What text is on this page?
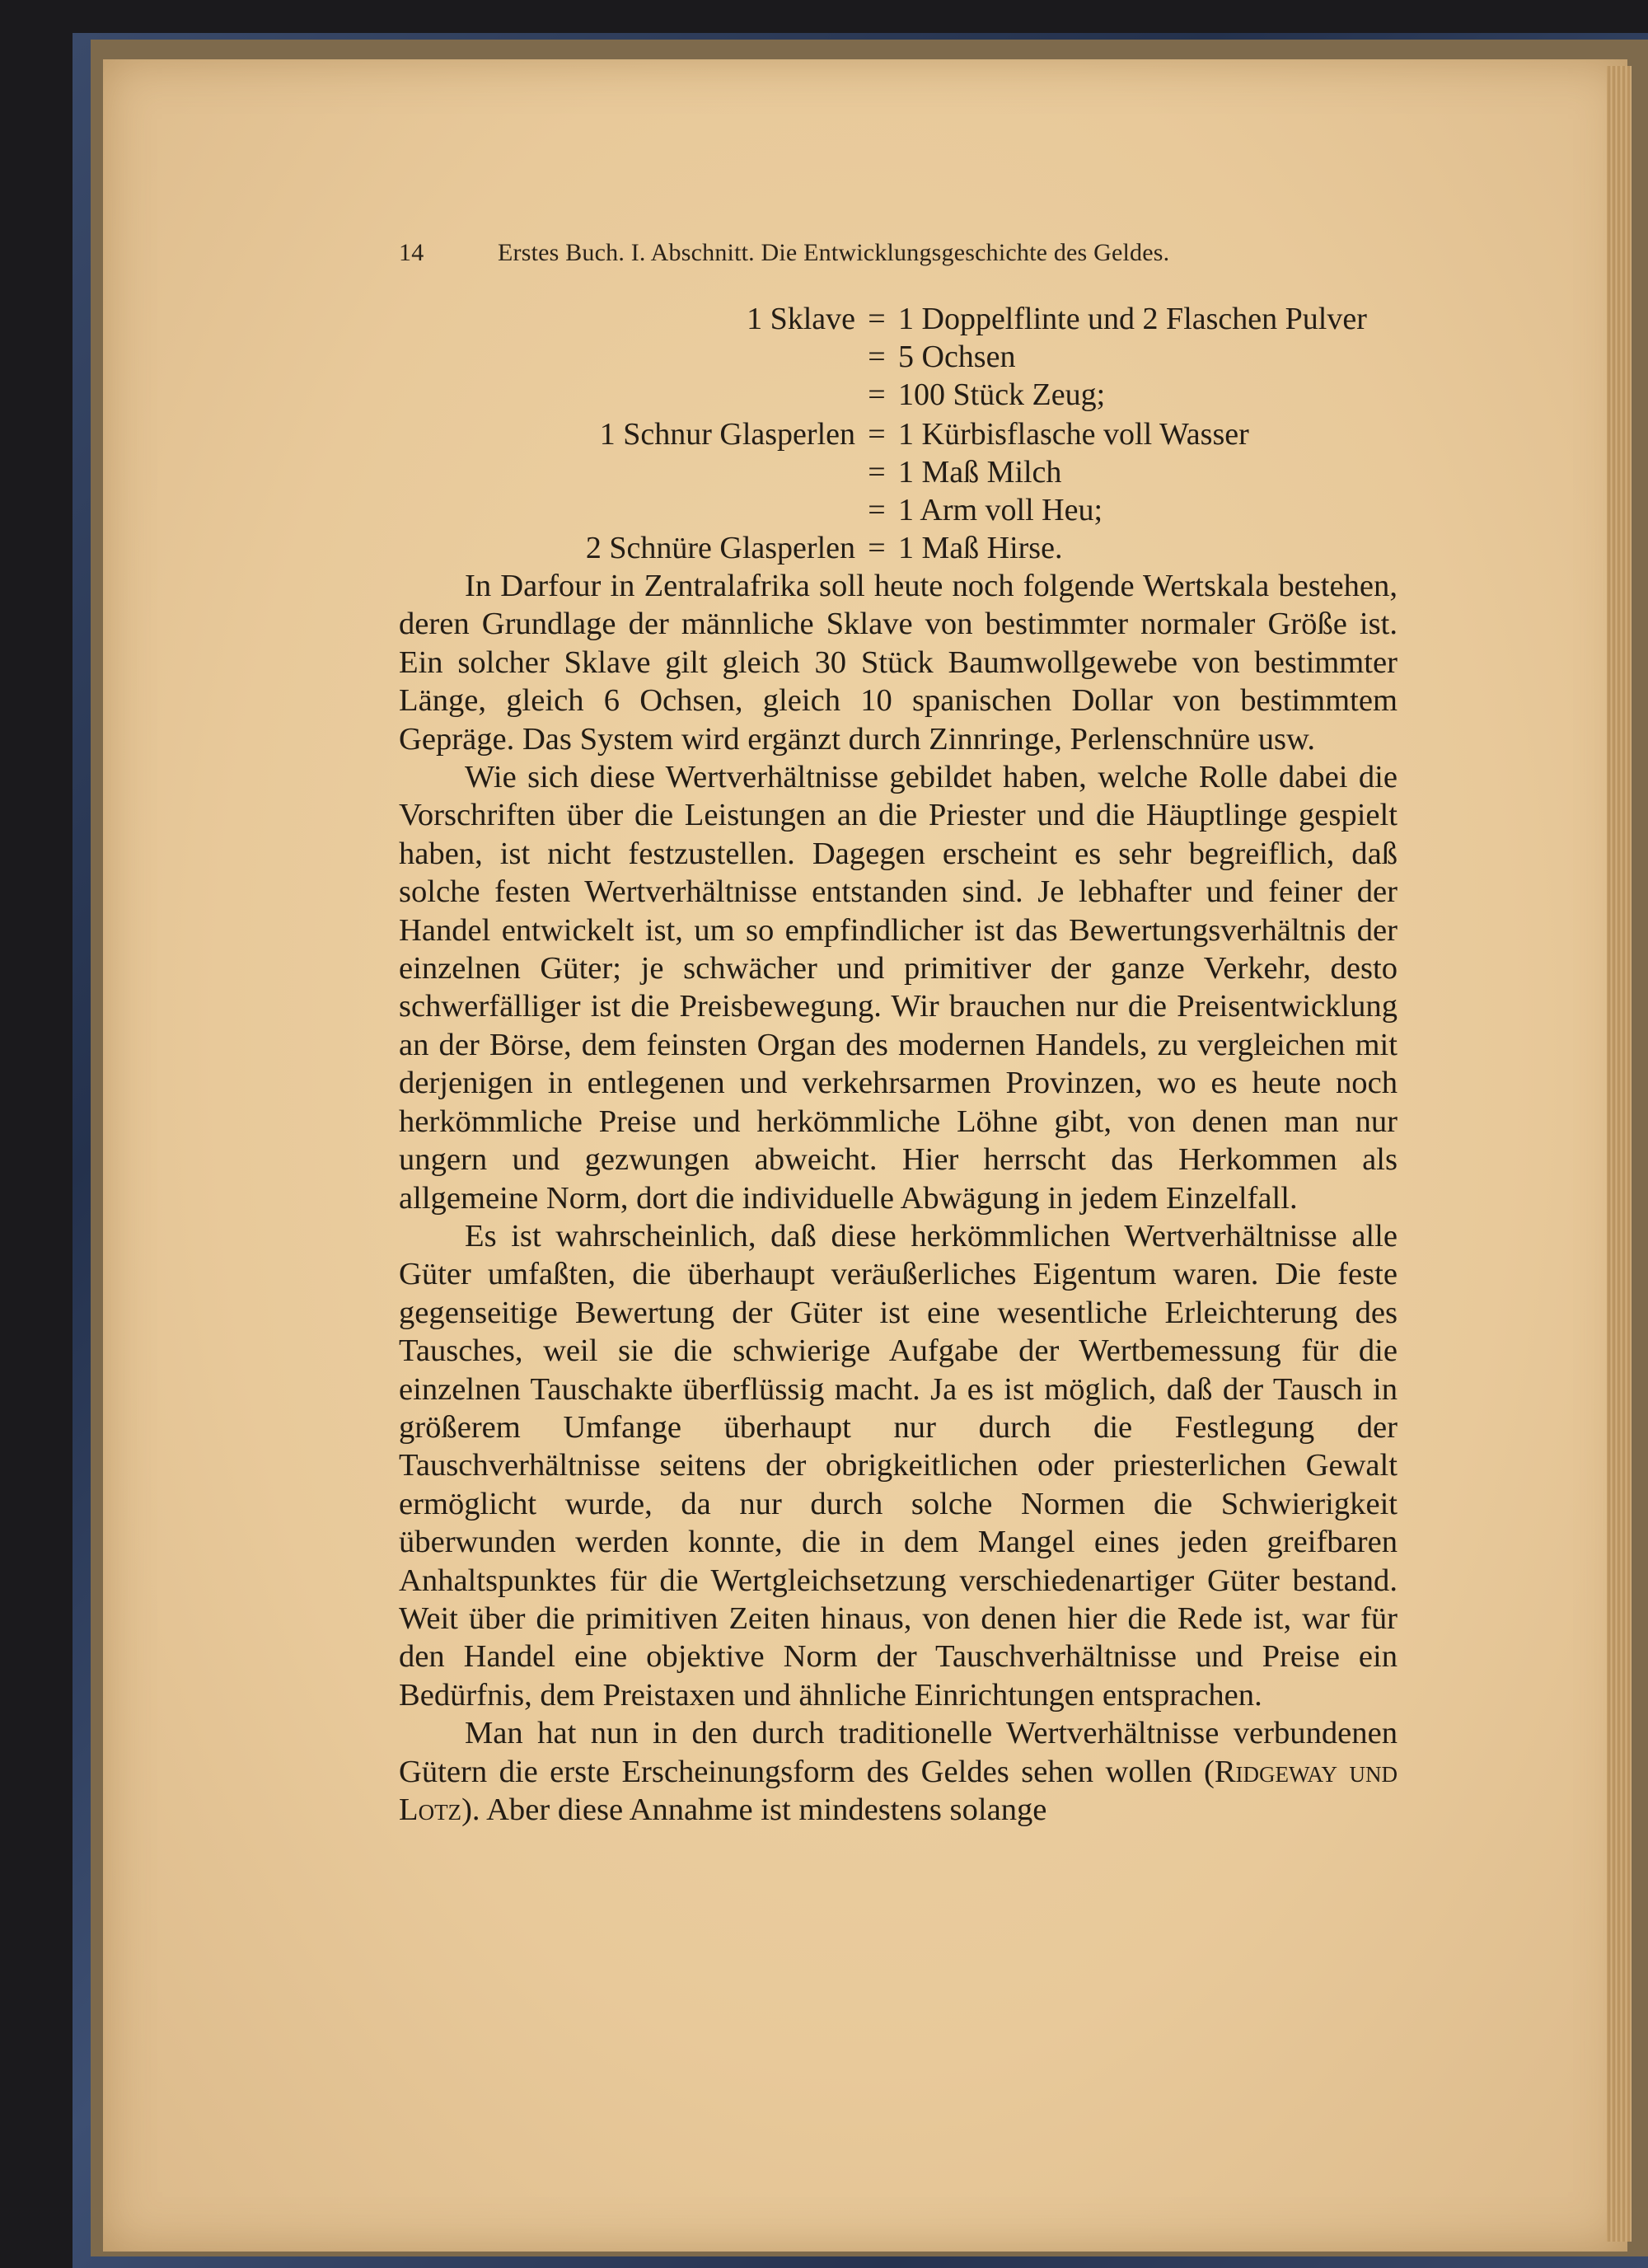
14	Erstes Buch. I. Abschnitt. Die Entwicklungsgeschichte des Geldes.
1 Sklave = 1 Doppelflinte und 2 Flaschen Pulver
= 5 Ochsen
= 100 Stück Zeug;
1 Schnur Glasperlen = 1 Kürbisflasche voll Wasser
= 1 Maß Milch
= 1 Arm voll Heu;
2 Schnüre Glasperlen = 1 Maß Hirse.

In Darfour in Zentralafrika soll heute noch folgende Wertskala bestehen, deren Grundlage der männliche Sklave von bestimmter normaler Größe ist. Ein solcher Sklave gilt gleich 30 Stück Baumwollgewebe von bestimmter Länge, gleich 6 Ochsen, gleich 10 spanischen Dollar von bestimmtem Gepräge. Das System wird ergänzt durch Zinnringe, Perlenschnüre usw.

Wie sich diese Wertverhältnisse gebildet haben, welche Rolle dabei die Vorschriften über die Leistungen an die Priester und die Häuptlinge gespielt haben, ist nicht festzustellen. Dagegen erscheint es sehr begreiflich, daß solche festen Wertverhältnisse entstanden sind. Je lebhafter und feiner der Handel entwickelt ist, um so empfindlicher ist das Bewertungsverhältnis der einzelnen Güter; je schwächer und primitiver der ganze Verkehr, desto schwerfälliger ist die Preisbewegung. Wir brauchen nur die Preisentwicklung an der Börse, dem feinsten Organ des modernen Handels, zu vergleichen mit derjenigen in entlegenen und verkehrsarmen Provinzen, wo es heute noch herkömmliche Preise und herkömmliche Löhne gibt, von denen man nur ungern und gezwungen abweicht. Hier herrscht das Herkommen als allgemeine Norm, dort die individuelle Abwägung in jedem Einzelfall.

Es ist wahrscheinlich, daß diese herkömmlichen Wertverhältnisse alle Güter umfaßten, die überhaupt veräußerliches Eigentum waren. Die feste gegenseitige Bewertung der Güter ist eine wesentliche Erleichterung des Tausches, weil sie die schwierige Aufgabe der Wertbemessung für die einzelnen Tauschakte überflüssig macht. Ja es ist möglich, daß der Tausch in größerem Umfange überhaupt nur durch die Festlegung der Tauschverhältnisse seitens der obrigkeitlichen oder priesterlichen Gewalt ermöglicht wurde, da nur durch solche Normen die Schwierigkeit überwunden werden konnte, die in dem Mangel eines jeden greifbaren Anhaltspunktes für die Wertgleichsetzung verschiedenartiger Güter bestand. Weit über die primitiven Zeiten hinaus, von denen hier die Rede ist, war für den Handel eine objektive Norm der Tauschverhältnisse und Preise ein Bedürfnis, dem Preistaxen und ähnliche Einrichtungen entsprachen.

Man hat nun in den durch traditionelle Wertverhältnisse verbundenen Gütern die erste Erscheinungsform des Geldes sehen wollen (Ridgeway und Lotz). Aber diese Annahme ist mindestens solange
